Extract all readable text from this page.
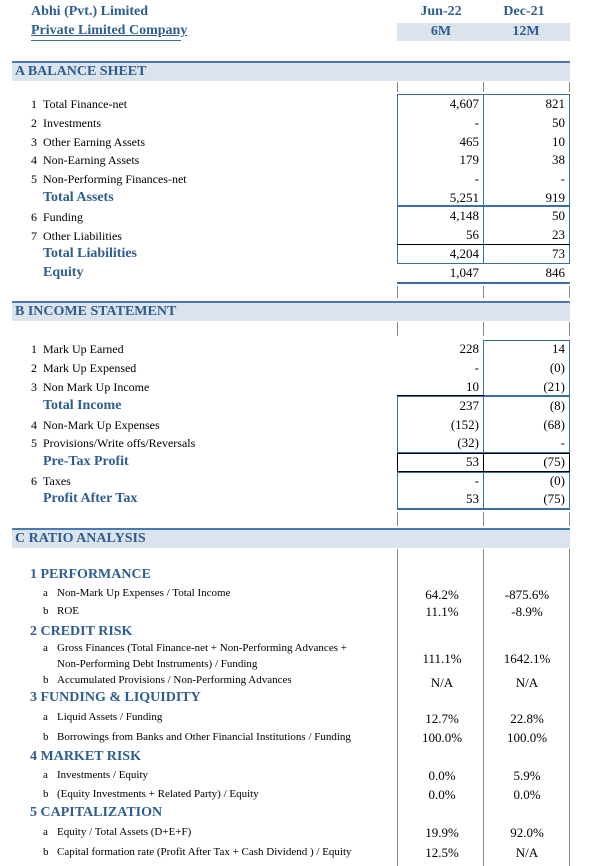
Abhi (Pvt.) Limited
Private Limited Company
Jun-22	Dec-21
6M	12M
A BALANCE SHEET
1 Total Finance-net	4,607	821
2 Investments	-	50
3 Other Earning Assets	465	10
4 Non-Earning Assets	179	38
5 Non-Performing Finances-net	-	-
Total Assets	5,251	919
6 Funding	4,148	50
7 Other Liabilities	56	23
Total Liabilities	4,204	73
Equity	1,047	846
B INCOME STATEMENT
1 Mark Up Earned	228	14
2 Mark Up Expensed	-	(0)
3 Non Mark Up Income	10	(21)
Total Income	237	(8)
4 Non-Mark Up Expenses	(152)	(68)
5 Provisions/Write offs/Reversals	(32)	-
Pre-Tax Profit	53	(75)
6 Taxes	-	(0)
Profit After Tax	53	(75)
C RATIO ANALYSIS
1 PERFORMANCE
a Non-Mark Up Expenses / Total Income	64.2%	-875.6%
b ROE	11.1%	-8.9%
2 CREDIT RISK
a Gross Finances (Total Finance-net + Non-Performing Advances +
Non-Performing Debt Instruments) / Funding	111.1%	1642.1%
b Accumulated Provisions / Non-Performing Advances	N/A	N/A
3 FUNDING & LIQUIDITY
a Liquid Assets / Funding	12.7%	22.8%
b Borrowings from Banks and Other Financial Institutions / Funding	100.0%	100.0%
4 MARKET RISK
a Investments / Equity	0.0%	5.9%
b (Equity Investments + Related Party) / Equity	0.0%	0.0%
5 CAPITALIZATION
a Equity / Total Assets (D+E+F)	19.9%	92.0%
b Capital formation rate (Profit After Tax + Cash Dividend ) / Equity	12.5%	N/A
